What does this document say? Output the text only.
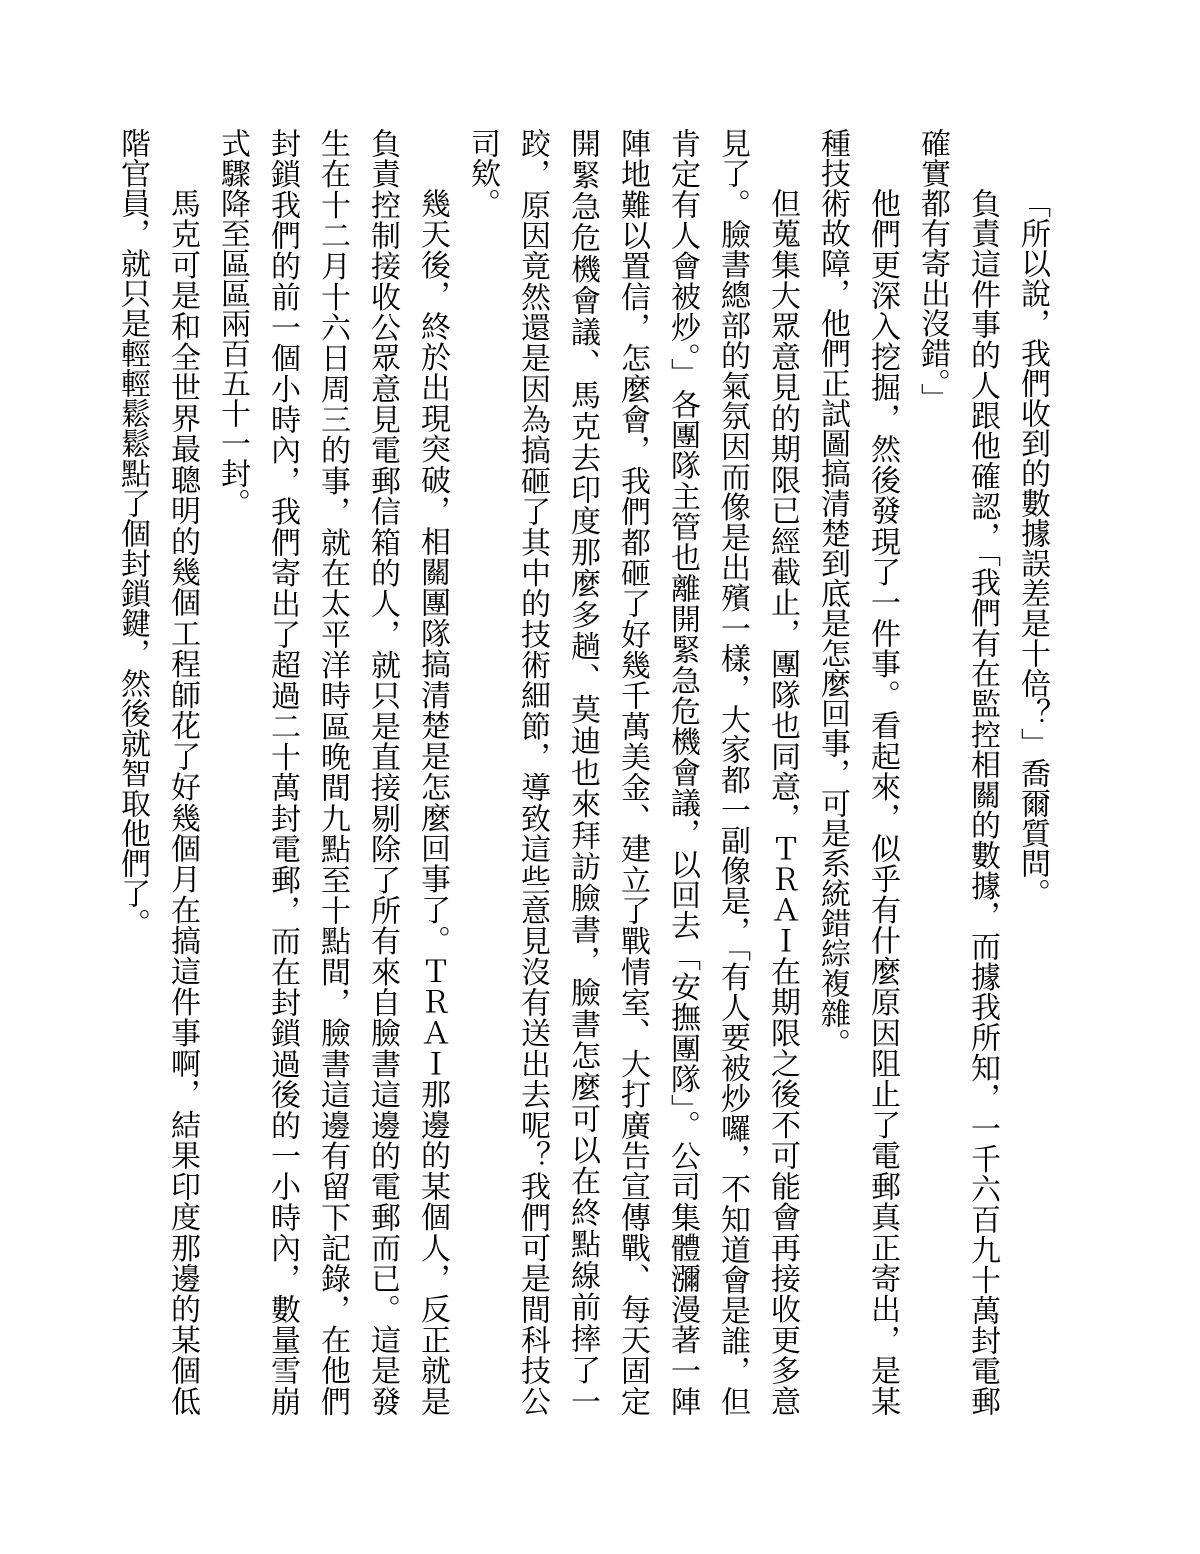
「所以說，我們收到的數據誤差是十倍？」喬爾質問。

負責這件事的人跟他確認，「我們有在監控相關的數據，而據我所知，一千六百九十萬封電郵確實都有寄出沒錯。」

他們更深入挖掘，然後發現了一件事。看起來，似乎有什麼原因阻止了電郵真正寄出，是某種技術故障，他們正試圖搞清楚到底是怎麼回事，可是系統錯綜複雜。

但蒐集大眾意見的期限已經截止，團隊也同意，ＴＲＡＩ在期限之後不可能會再接收更多意見了。臉書總部的氣氛因而像是出殯一樣，大家都一副像是，「有人要被炒囉，不知道會是誰，但肯定有人會被炒。」各團隊主管也離開緊急危機會議，以回去「安撫團隊」。公司集體瀰漫著一陣陣地難以置信，怎麼會，我們都砸了好幾千萬美金、建立了戰情室、大打廣告宣傳戰、每天固定開緊急危機會議、馬克去印度那麼多趟、莫迪也來拜訪臉書，臉書怎麼可以在終點線前摔了一跤，原因竟然還是因為搞砸了其中的技術細節，導致這些意見沒有送出去呢？我們可是間科技公司欸。

幾天後，終於出現突破，相關團隊搞清楚是怎麼回事了。ＴＲＡＩ那邊的某個人，反正就是負責控制接收公眾意見電郵信箱的人，就只是直接剔除了所有來自臉書這邊的電郵而已。這是發生在十二月十六日周三的事，就在太平洋時區晚間九點至十點間，臉書這邊有留下記錄，在他們封鎖我們的前一個小時內，我們寄出了超過二十萬封電郵，而在封鎖過後的一小時內，數量雪崩式驟降至區區兩百五十一封。

馬克可是和全世界最聰明的幾個工程師花了好幾個月在搞這件事啊，結果印度那邊的某個低階官員，就只是輕輕鬆鬆點了個封鎖鍵，然後就智取他們了。
